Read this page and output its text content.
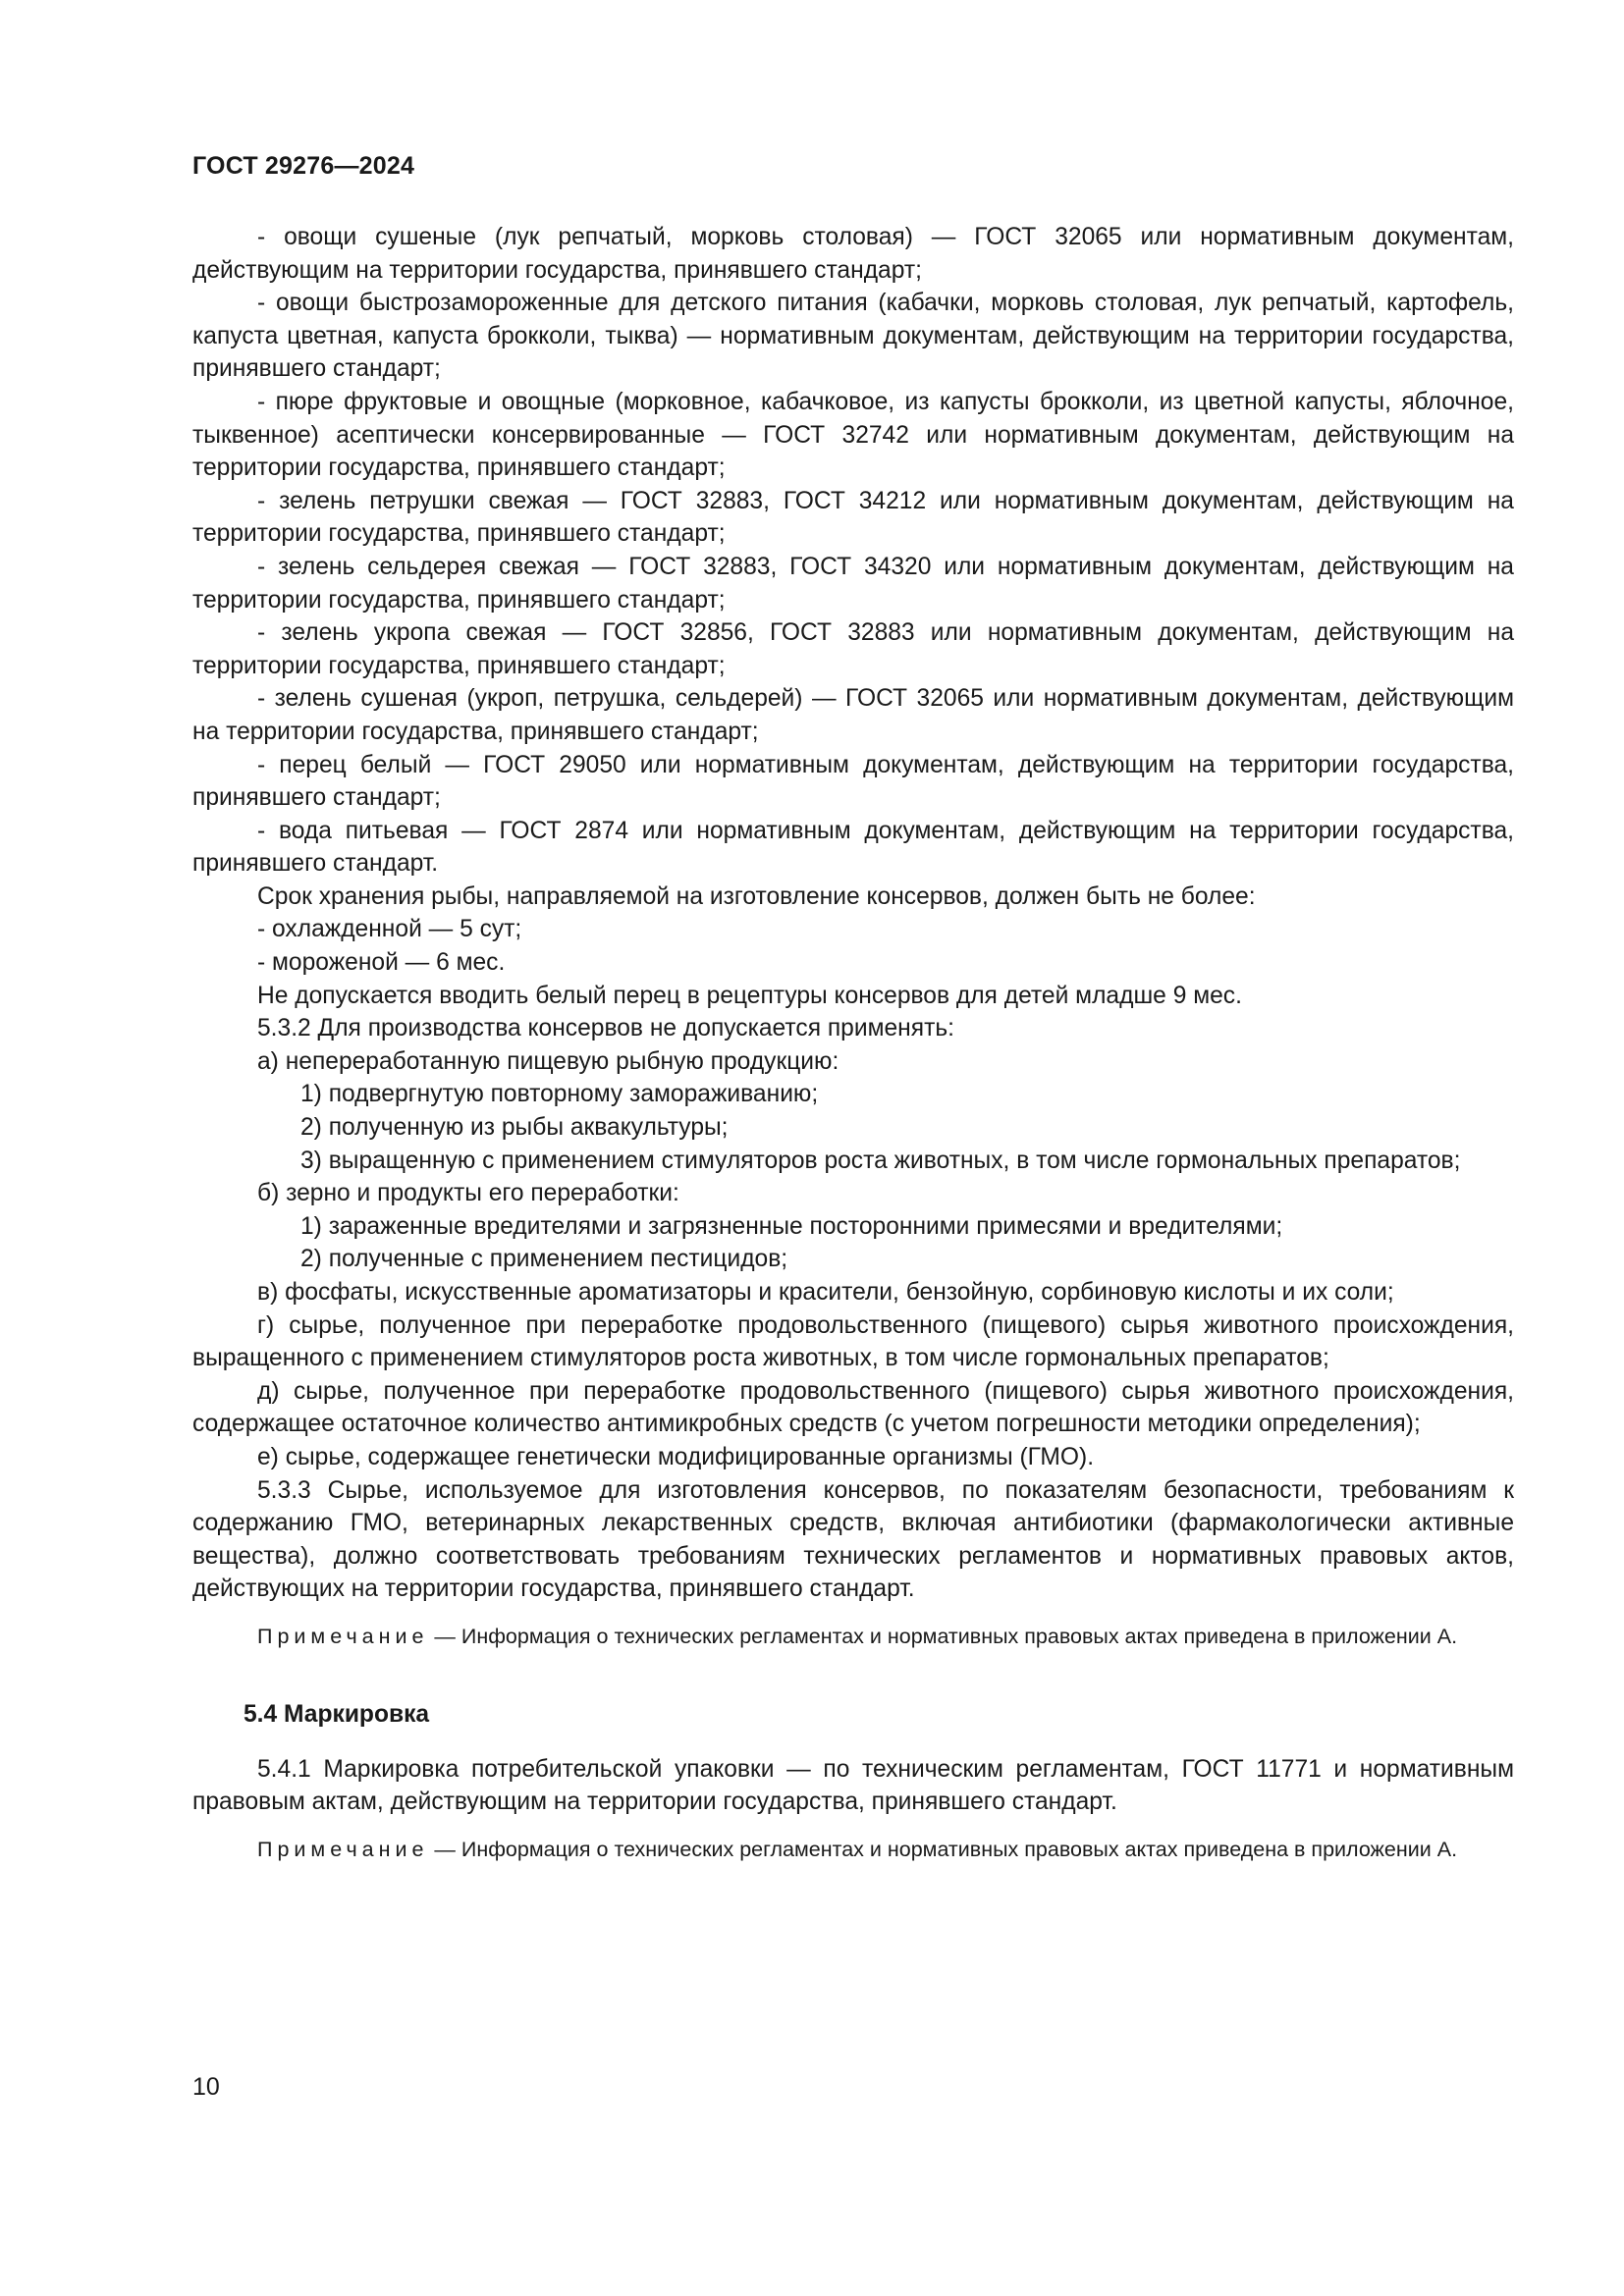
ГОСТ 29276—2024

- овощи сушеные (лук репчатый, морковь столовая) — ГОСТ 32065 или нормативным документам, действующим на территории государства, принявшего стандарт;

- овощи быстрозамороженные для детского питания (кабачки, морковь столовая, лук репчатый, картофель, капуста цветная, капуста брокколи, тыква) — нормативным документам, действующим на территории государства, принявшего стандарт;

- пюре фруктовые и овощные (морковное, кабачковое, из капусты брокколи, из цветной капусты, яблочное, тыквенное) асептически консервированные — ГОСТ 32742 или нормативным документам, действующим на территории государства, принявшего стандарт;

- зелень петрушки свежая — ГОСТ 32883, ГОСТ 34212 или нормативным документам, действующим на территории государства, принявшего стандарт;

- зелень сельдерея свежая — ГОСТ 32883, ГОСТ 34320 или нормативным документам, действующим на территории государства, принявшего стандарт;

- зелень укропа свежая — ГОСТ 32856, ГОСТ 32883 или нормативным документам, действующим на территории государства, принявшего стандарт;

- зелень сушеная (укроп, петрушка, сельдерей) — ГОСТ 32065 или нормативным документам, действующим на территории государства, принявшего стандарт;

- перец белый — ГОСТ 29050 или нормативным документам, действующим на территории государства, принявшего стандарт;

- вода питьевая — ГОСТ 2874 или нормативным документам, действующим на территории государства, принявшего стандарт.

Срок хранения рыбы, направляемой на изготовление консервов, должен быть не более:

- охлажденной — 5 сут;

- мороженой — 6 мес.

Не допускается вводить белый перец в рецептуры консервов для детей младше 9 мес.

5.3.2 Для производства консервов не допускается применять:

а) непереработанную пищевую рыбную продукцию:

1) подвергнутую повторному замораживанию;

2) полученную из рыбы аквакультуры;

3) выращенную с применением стимуляторов роста животных, в том числе гормональных препаратов;

б) зерно и продукты его переработки:

1) зараженные вредителями и загрязненные посторонними примесями и вредителями;

2) полученные с применением пестицидов;

в) фосфаты, искусственные ароматизаторы и красители, бензойную, сорбиновую кислоты и их соли;

г) сырье, полученное при переработке продовольственного (пищевого) сырья животного происхождения, выращенного с применением стимуляторов роста животных, в том числе гормональных препаратов;

д) сырье, полученное при переработке продовольственного (пищевого) сырья животного происхождения, содержащее остаточное количество антимикробных средств (с учетом погрешности методики определения);

е) сырье, содержащее генетически модифицированные организмы (ГМО).

5.3.3 Сырье, используемое для изготовления консервов, по показателям безопасности, требованиям к содержанию ГМО, ветеринарных лекарственных средств, включая антибиотики (фармакологически активные вещества), должно соответствовать требованиям технических регламентов и нормативных правовых актов, действующих на территории государства, принявшего стандарт.

Примечание — Информация о технических регламентах и нормативных правовых актах приведена в приложении А.

5.4 Маркировка

5.4.1 Маркировка потребительской упаковки — по техническим регламентам, ГОСТ 11771 и нормативным правовым актам, действующим на территории государства, принявшего стандарт.

Примечание — Информация о технических регламентах и нормативных правовых актах приведена в приложении А.

10
